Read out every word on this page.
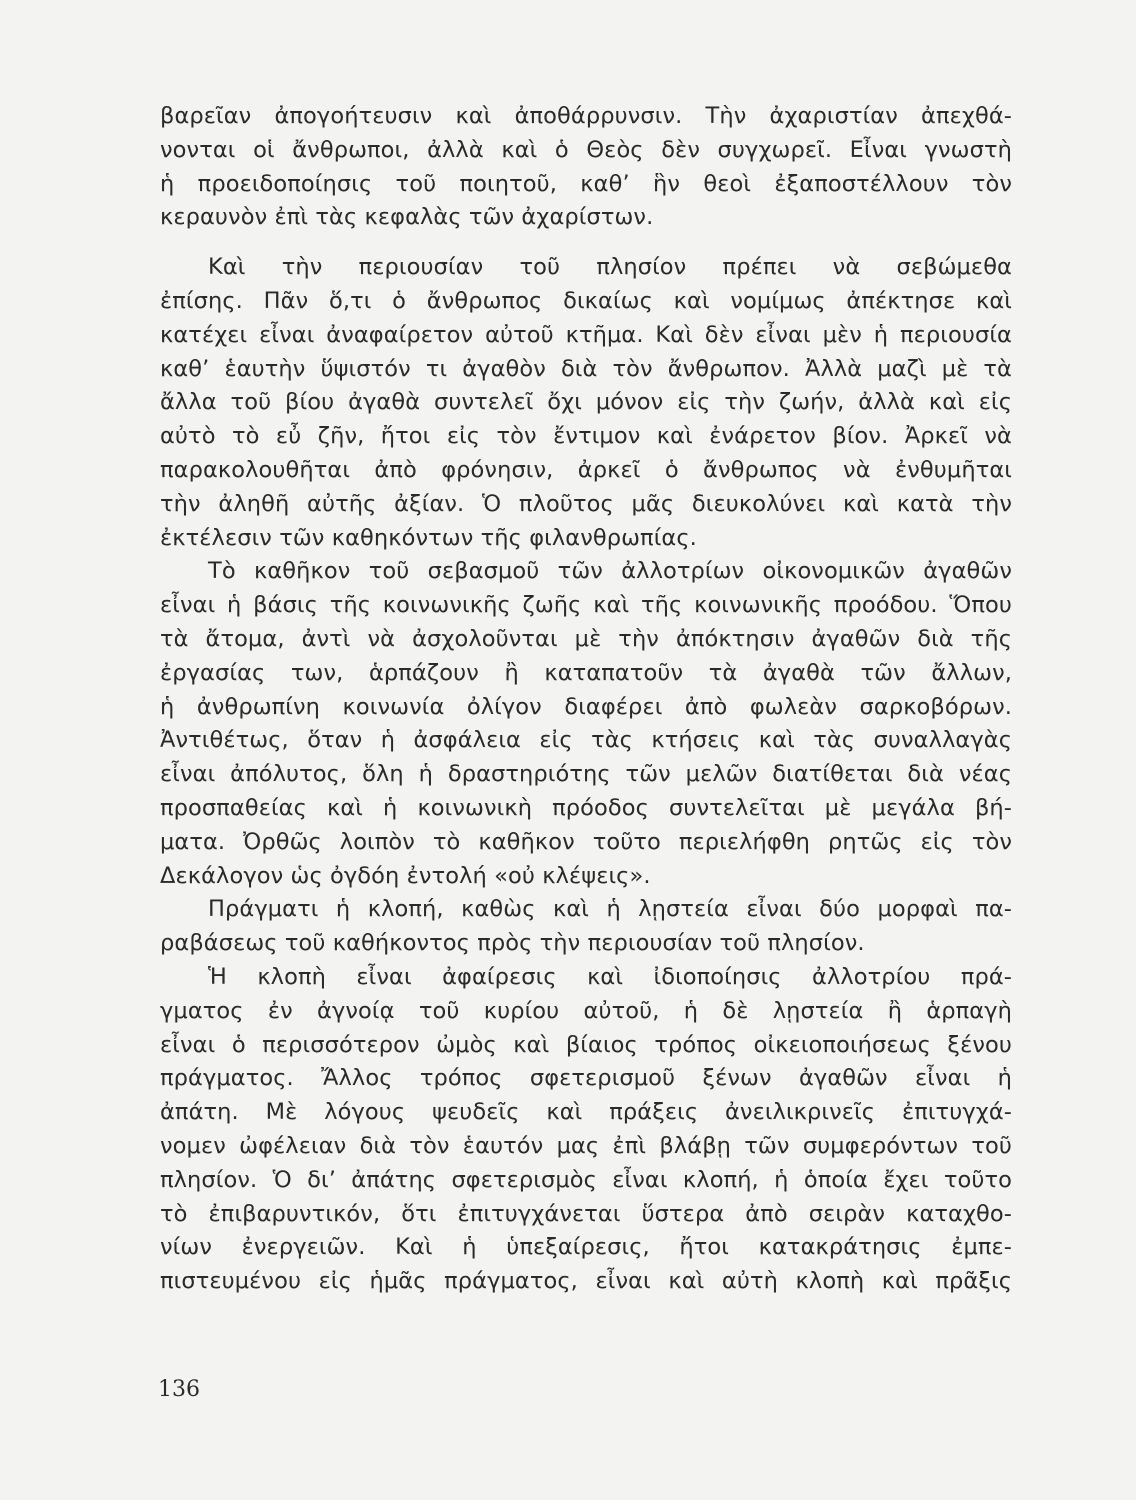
βαρεῖαν ἀπογοήτευσιν καὶ ἀποθάρρυνσιν. Τὴν ἀχαριστίαν ἀπεχθά-
νονται οἱ ἄνθρωποι, ἀλλὰ καὶ ὁ Θεὸς δὲν συγχωρεῖ. Εἶναι γνωστὴ
ἡ προειδοποίησις τοῦ ποιητοῦ, καθ’ ἣν θεοὶ ἐξαποστέλλουν τὸν
κεραυνὸν ἐπὶ τὰς κεφαλὰς τῶν ἀχαρίστων.
Καὶ τὴν περιουσίαν τοῦ πλησίον πρέπει νὰ σεβώμεθα
ἐπίσης. Πᾶν ὅ,τι ὁ ἄνθρωπος δικαίως καὶ νομίμως ἀπέκτησε καὶ
κατέχει εἶναι ἀναφαίρετον αὐτοῦ κτῆμα. Καὶ δὲν εἶναι μὲν ἡ περιουσία
καθ’ ἑαυτὴν ὕψιστόν τι ἀγαθὸν διὰ τὸν ἄνθρωπον. Ἀλλὰ μαζὶ μὲ τὰ
ἄλλα τοῦ βίου ἀγαθὰ συντελεῖ ὄχι μόνον εἰς τὴν ζωήν, ἀλλὰ καὶ εἰς
αὐτὸ τὸ εὖ ζῆν, ἤτοι εἰς τὸν ἔντιμον καὶ ἐνάρετον βίον. Ἀρκεῖ νὰ
παρακολουθῆται ἀπὸ φρόνησιν, ἀρκεῖ ὁ ἄνθρωπος νὰ ἐνθυμῆται
τὴν ἀληθῆ αὐτῆς ἀξίαν. Ὁ πλοῦτος μᾶς διευκολύνει καὶ κατὰ τὴν
ἐκτέλεσιν τῶν καθηκόντων τῆς φιλανθρωπίας.
Τὸ καθῆκον τοῦ σεβασμοῦ τῶν ἀλλοτρίων οἰκονομικῶν ἀγαθῶν
εἶναι ἡ βάσις τῆς κοινωνικῆς ζωῆς καὶ τῆς κοινωνικῆς προόδου. Ὅπου
τὰ ἄτομα, ἀντὶ νὰ ἀσχολοῦνται μὲ τὴν ἀπόκτησιν ἀγαθῶν διὰ τῆς
ἐργασίας των, ἁρπάζουν ἢ καταπατοῦν τὰ ἀγαθὰ τῶν ἄλλων,
ἡ ἀνθρωπίνη κοινωνία ὀλίγον διαφέρει ἀπὸ φωλεὰν σαρκοβόρων.
Ἀντιθέτως, ὅταν ἡ ἀσφάλεια εἰς τὰς κτήσεις καὶ τὰς συναλλαγὰς
εἶναι ἀπόλυτος, ὅλη ἡ δραστηριότης τῶν μελῶν διατίθεται διὰ νέας
προσπαθείας καὶ ἡ κοινωνικὴ πρόοδος συντελεῖται μὲ μεγάλα βή-
ματα. Ὀρθῶς λοιπὸν τὸ καθῆκον τοῦτο περιελήφθη ρητῶς εἰς τὸν
Δεκάλογον ὡς ὀγδόη ἐντολή «οὐ κλέψεις».
Πράγματι ἡ κλοπή, καθὼς καὶ ἡ λῃστεία εἶναι δύο μορφαὶ πα-
ραβάσεως τοῦ καθήκοντος πρὸς τὴν περιουσίαν τοῦ πλησίον.
Ἡ κλοπὴ εἶναι ἀφαίρεσις καὶ ἰδιοποίησις ἀλλοτρίου πρά-
γματος ἐν ἀγνοίᾳ τοῦ κυρίου αὐτοῦ, ἡ δὲ λῃστεία ἢ ἁρπαγὴ
εἶναι ὁ περισσότερον ὠμὸς καὶ βίαιος τρόπος οἰκειοποιήσεως ξένου
πράγματος. Ἄλλος τρόπος σφετερισμοῦ ξένων ἀγαθῶν εἶναι ἡ
ἀπάτη. Μὲ λόγους ψευδεῖς καὶ πράξεις ἀνειλικρινεῖς ἐπιτυγχά-
νομεν ὠφέλειαν διὰ τὸν ἑαυτόν μας ἐπὶ βλάβῃ τῶν συμφερόντων τοῦ
πλησίον. Ὁ δι’ ἀπάτης σφετερισμὸς εἶναι κλοπή, ἡ ὁποία ἔχει τοῦτο
τὸ ἐπιβαρυντικόν, ὅτι ἐπιτυγχάνεται ὕστερα ἀπὸ σειρὰν καταχθο-
νίων ἐνεργειῶν. Καὶ ἡ ὑπεξαίρεσις, ἤτοι κατακράτησις ἐμπε-
πιστευμένου εἰς ἡμᾶς πράγματος, εἶναι καὶ αὐτὴ κλοπὴ καὶ πρᾶξις
136
